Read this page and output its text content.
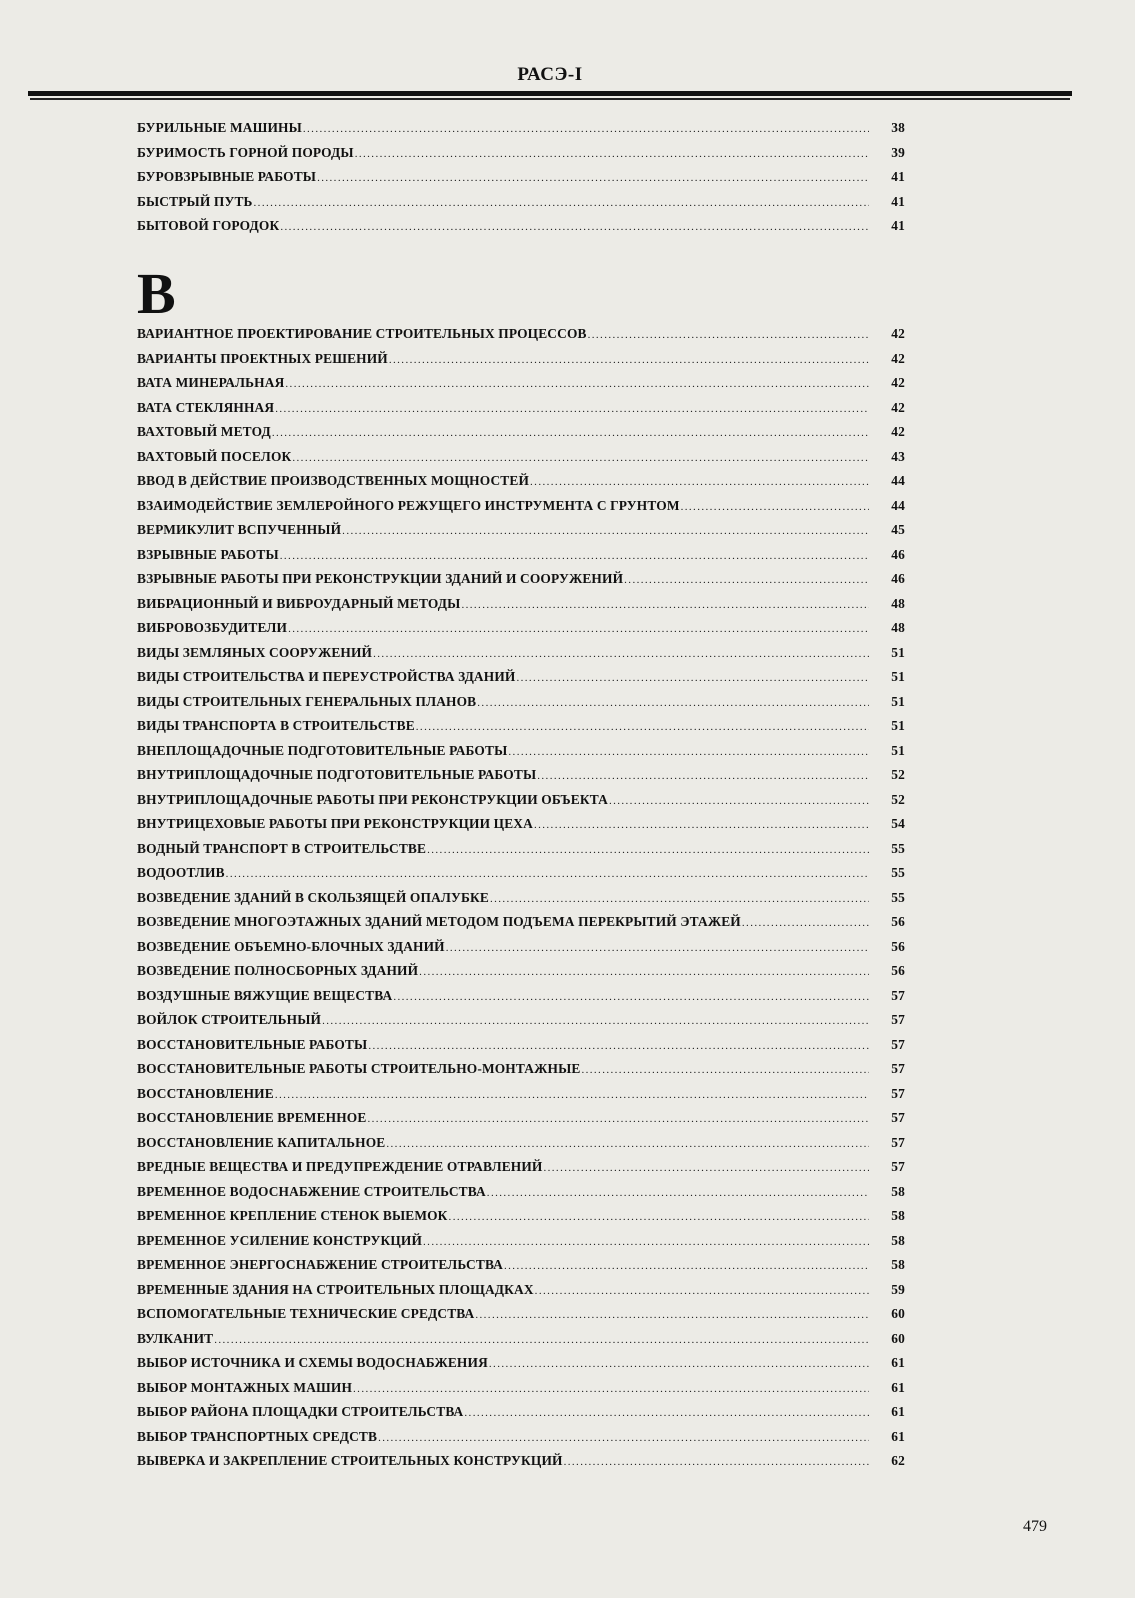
РАСЭ-I
БУРИЛЬНЫЕ МАШИНЫ .....	38
БУРИМОСТЬ ГОРНОЙ ПОРОДЫ .....	39
БУРОВЗРЫВНЫЕ РАБОТЫ .....	41
БЫСТРЫЙ ПУТЬ .....	41
БЫТОВОЙ ГОРОДОК .....	41
В
ВАРИАНТНОЕ ПРОЕКТИРОВАНИЕ СТРОИТЕЛЬНЫХ ПРОЦЕССОВ .....	42
ВАРИАНТЫ ПРОЕКТНЫХ РЕШЕНИЙ .....	42
ВАТА МИНЕРАЛЬНАЯ .....	42
ВАТА СТЕКЛЯННАЯ .....	42
ВАХТОВЫЙ МЕТОД .....	42
ВАХТОВЫЙ ПОСЕЛОК .....	43
ВВОД В ДЕЙСТВИЕ ПРОИЗВОДСТВЕННЫХ МОЩНОСТЕЙ .....	44
ВЗАИМОДЕЙСТВИЕ ЗЕМЛЕРОЙНОГО РЕЖУЩЕГО ИНСТРУМЕНТА С ГРУНТОМ .....	44
ВЕРМИКУЛИТ ВСПУЧЕННЫЙ .....	45
ВЗРЫВНЫЕ РАБОТЫ .....	46
ВЗРЫВНЫЕ РАБОТЫ ПРИ РЕКОНСТРУКЦИИ ЗДАНИЙ И СООРУЖЕНИЙ .....	46
ВИБРАЦИОННЫЙ И ВИБРОУДАРНЫЙ МЕТОДЫ .....	48
ВИБРОВОЗБУДИТЕЛИ .....	48
ВИДЫ ЗЕМЛЯНЫХ СООРУЖЕНИЙ .....	51
ВИДЫ СТРОИТЕЛЬСТВА И ПЕРЕУСТРОЙСТВА ЗДАНИЙ .....	51
ВИДЫ СТРОИТЕЛЬНЫХ ГЕНЕРАЛЬНЫХ ПЛАНОВ .....	51
ВИДЫ ТРАНСПОРТА В СТРОИТЕЛЬСТВЕ .....	51
ВНЕПЛОЩАДОЧНЫЕ ПОДГОТОВИТЕЛЬНЫЕ РАБОТЫ .....	51
ВНУТРИПЛОЩАДОЧНЫЕ ПОДГОТОВИТЕЛЬНЫЕ РАБОТЫ .....	52
ВНУТРИПЛОЩАДОЧНЫЕ РАБОТЫ ПРИ РЕКОНСТРУКЦИИ ОБЪЕКТА .....	52
ВНУТРИЦЕХОВЫЕ РАБОТЫ ПРИ РЕКОНСТРУКЦИИ ЦЕХА .....	54
ВОДНЫЙ ТРАНСПОРТ В СТРОИТЕЛЬСТВЕ .....	55
ВОДООТЛИВ .....	55
ВОЗВЕДЕНИЕ ЗДАНИЙ В СКОЛЬЗЯЩЕЙ ОПАЛУБКЕ .....	55
ВОЗВЕДЕНИЕ МНОГОЭТАЖНЫХ ЗДАНИЙ МЕТОДОМ ПОДЪЕМА ПЕРЕКРЫТИЙ ЭТАЖЕЙ .....	56
ВОЗВЕДЕНИЕ ОБЪЕМНО-БЛОЧНЫХ ЗДАНИЙ .....	56
ВОЗВЕДЕНИЕ ПОЛНОСБОРНЫХ ЗДАНИЙ .....	56
ВОЗДУШНЫЕ ВЯЖУЩИЕ ВЕЩЕСТВА .....	57
ВОЙЛОК СТРОИТЕЛЬНЫЙ .....	57
ВОССТАНОВИТЕЛЬНЫЕ РАБОТЫ .....	57
ВОССТАНОВИТЕЛЬНЫЕ РАБОТЫ СТРОИТЕЛЬНО-МОНТАЖНЫЕ .....	57
ВОССТАНОВЛЕНИЕ .....	57
ВОССТАНОВЛЕНИЕ ВРЕМЕННОЕ .....	57
ВОССТАНОВЛЕНИЕ КАПИТАЛЬНОЕ .....	57
ВРЕДНЫЕ ВЕЩЕСТВА И ПРЕДУПРЕЖДЕНИЕ ОТРАВЛЕНИЙ .....	57
ВРЕМЕННОЕ ВОДОСНАБЖЕНИЕ СТРОИТЕЛЬСТВА .....	58
ВРЕМЕННОЕ КРЕПЛЕНИЕ СТЕНОК ВЫЕМОК .....	58
ВРЕМЕННОЕ УСИЛЕНИЕ КОНСТРУКЦИЙ .....	58
ВРЕМЕННОЕ ЭНЕРГОСНАБЖЕНИЕ СТРОИТЕЛЬСТВА .....	58
ВРЕМЕННЫЕ ЗДАНИЯ НА СТРОИТЕЛЬНЫХ ПЛОЩАДКАХ .....	59
ВСПОМОГАТЕЛЬНЫЕ ТЕХНИЧЕСКИЕ СРЕДСТВА .....	60
ВУЛКАНИТ .....	60
ВЫБОР ИСТОЧНИКА И СХЕМЫ ВОДОСНАБЖЕНИЯ .....	61
ВЫБОР МОНТАЖНЫХ МАШИН .....	61
ВЫБОР РАЙОНА ПЛОЩАДКИ СТРОИТЕЛЬСТВА .....	61
ВЫБОР ТРАНСПОРТНЫХ СРЕДСТВ .....	61
ВЫВЕРКА И ЗАКРЕПЛЕНИЕ СТРОИТЕЛЬНЫХ КОНСТРУКЦИЙ .....	62
479
